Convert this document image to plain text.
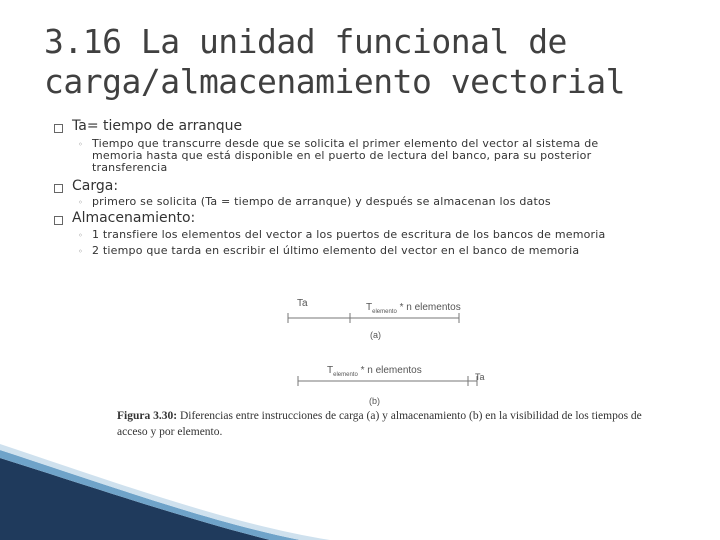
3.16 La unidad funcional de
carga/almacenamiento vectorial
Ta= tiempo de arranque
◦ Tiempo que transcurre desde que se solicita el primer elemento del vector al sistema de
memoria hasta que está disponible en el puerto de lectura del banco, para su posterior
transferencia
Carga:
◦ primero se solicita (Ta = tiempo de arranque) y después se almacenan los datos
Almacenamiento:
◦ 1 transfiere los elementos del vector a los puertos de escritura de los bancos de memoria
◦ 2 tiempo que tarda en escribir el último elemento del vector en el banco de memoria
Ta	$T_{elemento}$ * n elementos
(a)
$T_{elemento}$ * n elementos
Ta
(b)
Figura 3.30: Diferencias entre instrucciones de carga (a) y almacenamiento (b) en la visibilidad de los tiempos de acceso y por elemento.
